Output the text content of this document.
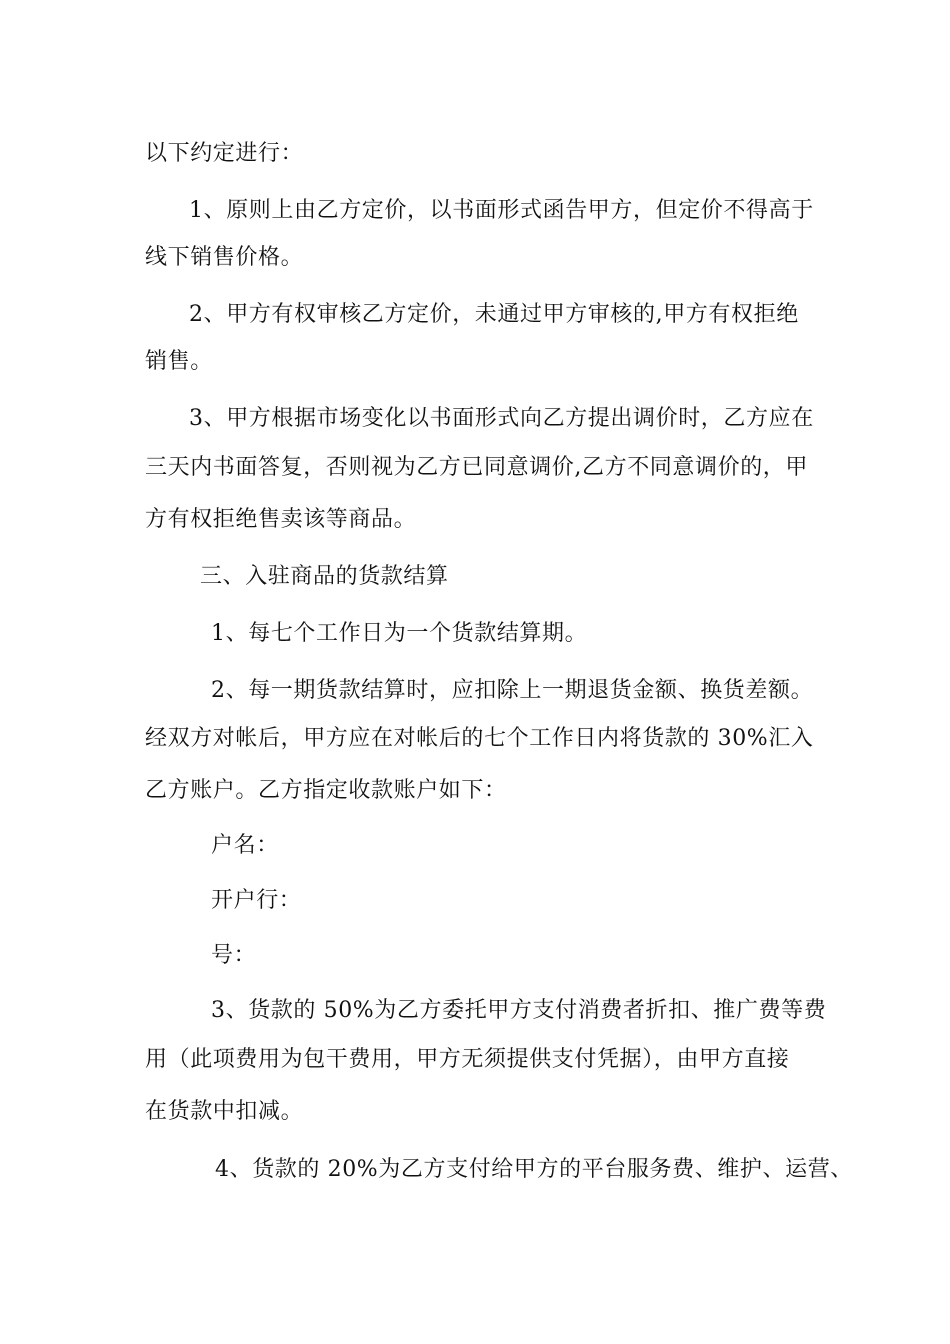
以下约定进行：
1、原则上由乙方定价，以书面形式函告甲方，但定价不得高于
线下销售价格。
2、甲方有权审核乙方定价，未通过甲方审核的,甲方有权拒绝
销售。
3、甲方根据市场变化以书面形式向乙方提出调价时，乙方应在
三天内书面答复，否则视为乙方已同意调价,乙方不同意调价的，甲
方有权拒绝售卖该等商品。
三、入驻商品的货款结算
1、每七个工作日为一个货款结算期。
2、每一期货款结算时，应扣除上一期退货金额、换货差额。
经双方对帐后，甲方应在对帐后的七个工作日内将货款的 30%汇入
乙方账户。乙方指定收款账户如下：
户名：
开户行：
号：
3、货款的 50%为乙方委托甲方支付消费者折扣、推广费等费
用（此项费用为包干费用，甲方无须提供支付凭据），由甲方直接
在货款中扣减。
4、货款的 20%为乙方支付给甲方的平台服务费、维护、运营、
